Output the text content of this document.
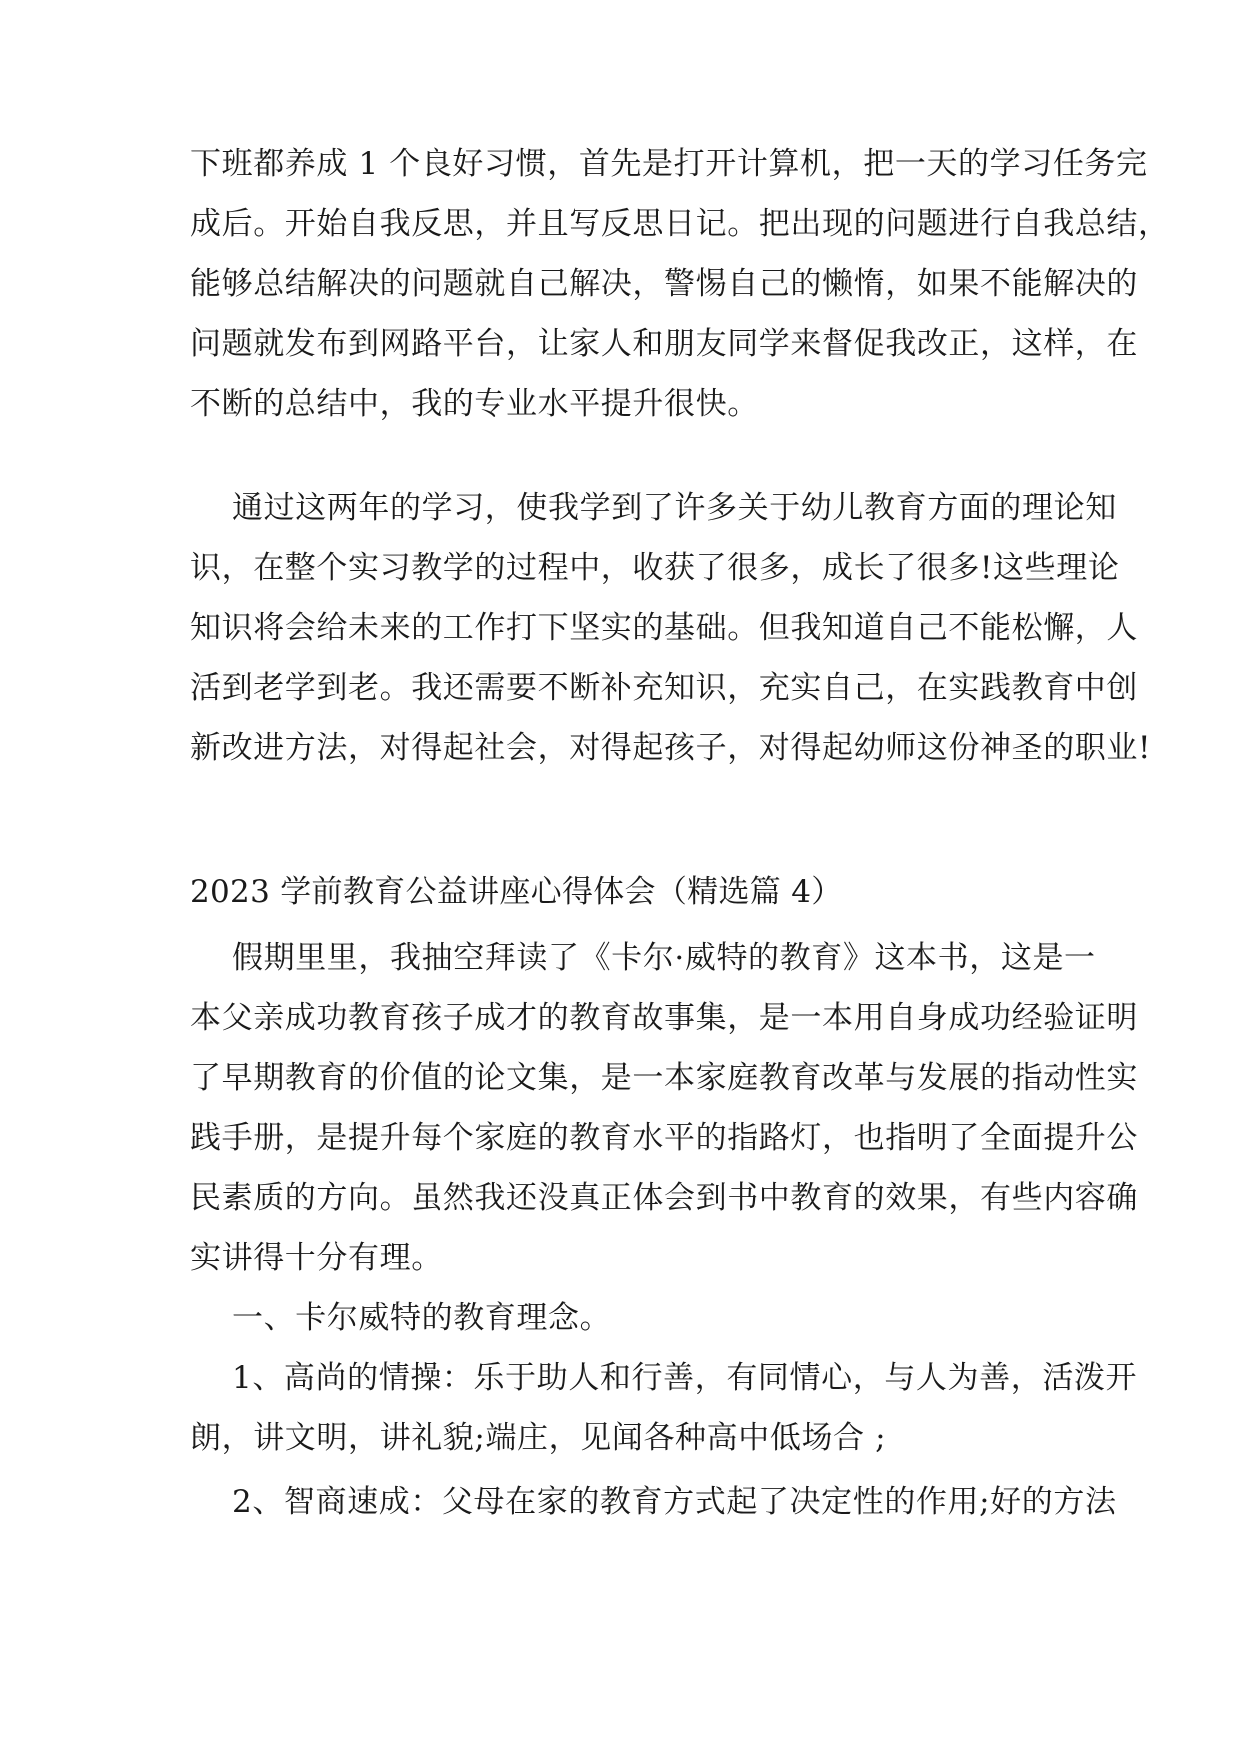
下班都养成 1 个良好习惯，首先是打开计算机，把一天的学习任务完

成后。开始自我反思，并且写反思日记。把出现的问题进行自我总结，

能够总结解决的问题就自己解决，警惕自己的懒惰，如果不能解决的

问题就发布到网路平台，让家人和朋友同学来督促我改正，这样，在

不断的总结中，我的专业水平提升很快。

通过这两年的学习，使我学到了许多关于幼儿教育方面的理论知

识，在整个实习教学的过程中，收获了很多，成长了很多!这些理论

知识将会给未来的工作打下坚实的基础。但我知道自己不能松懈，人

活到老学到老。我还需要不断补充知识，充实自己，在实践教育中创

新改进方法，对得起社会，对得起孩子，对得起幼师这份神圣的职业!

2023 学前教育公益讲座心得体会（精选篇 4）

假期里里，我抽空拜读了《卡尔·威特的教育》这本书，这是一

本父亲成功教育孩子成才的教育故事集，是一本用自身成功经验证明

了早期教育的价值的论文集，是一本家庭教育改革与发展的指动性实

践手册，是提升每个家庭的教育水平的指路灯，也指明了全面提升公

民素质的方向。虽然我还没真正体会到书中教育的效果，有些内容确

实讲得十分有理。

一、卡尔威特的教育理念。

1、高尚的情操：乐于助人和行善，有同情心，与人为善，活泼开

朗，讲文明，讲礼貌;端庄，见闻各种高中低场合 ;

2、智商速成：父母在家的教育方式起了决定性的作用;好的方法
